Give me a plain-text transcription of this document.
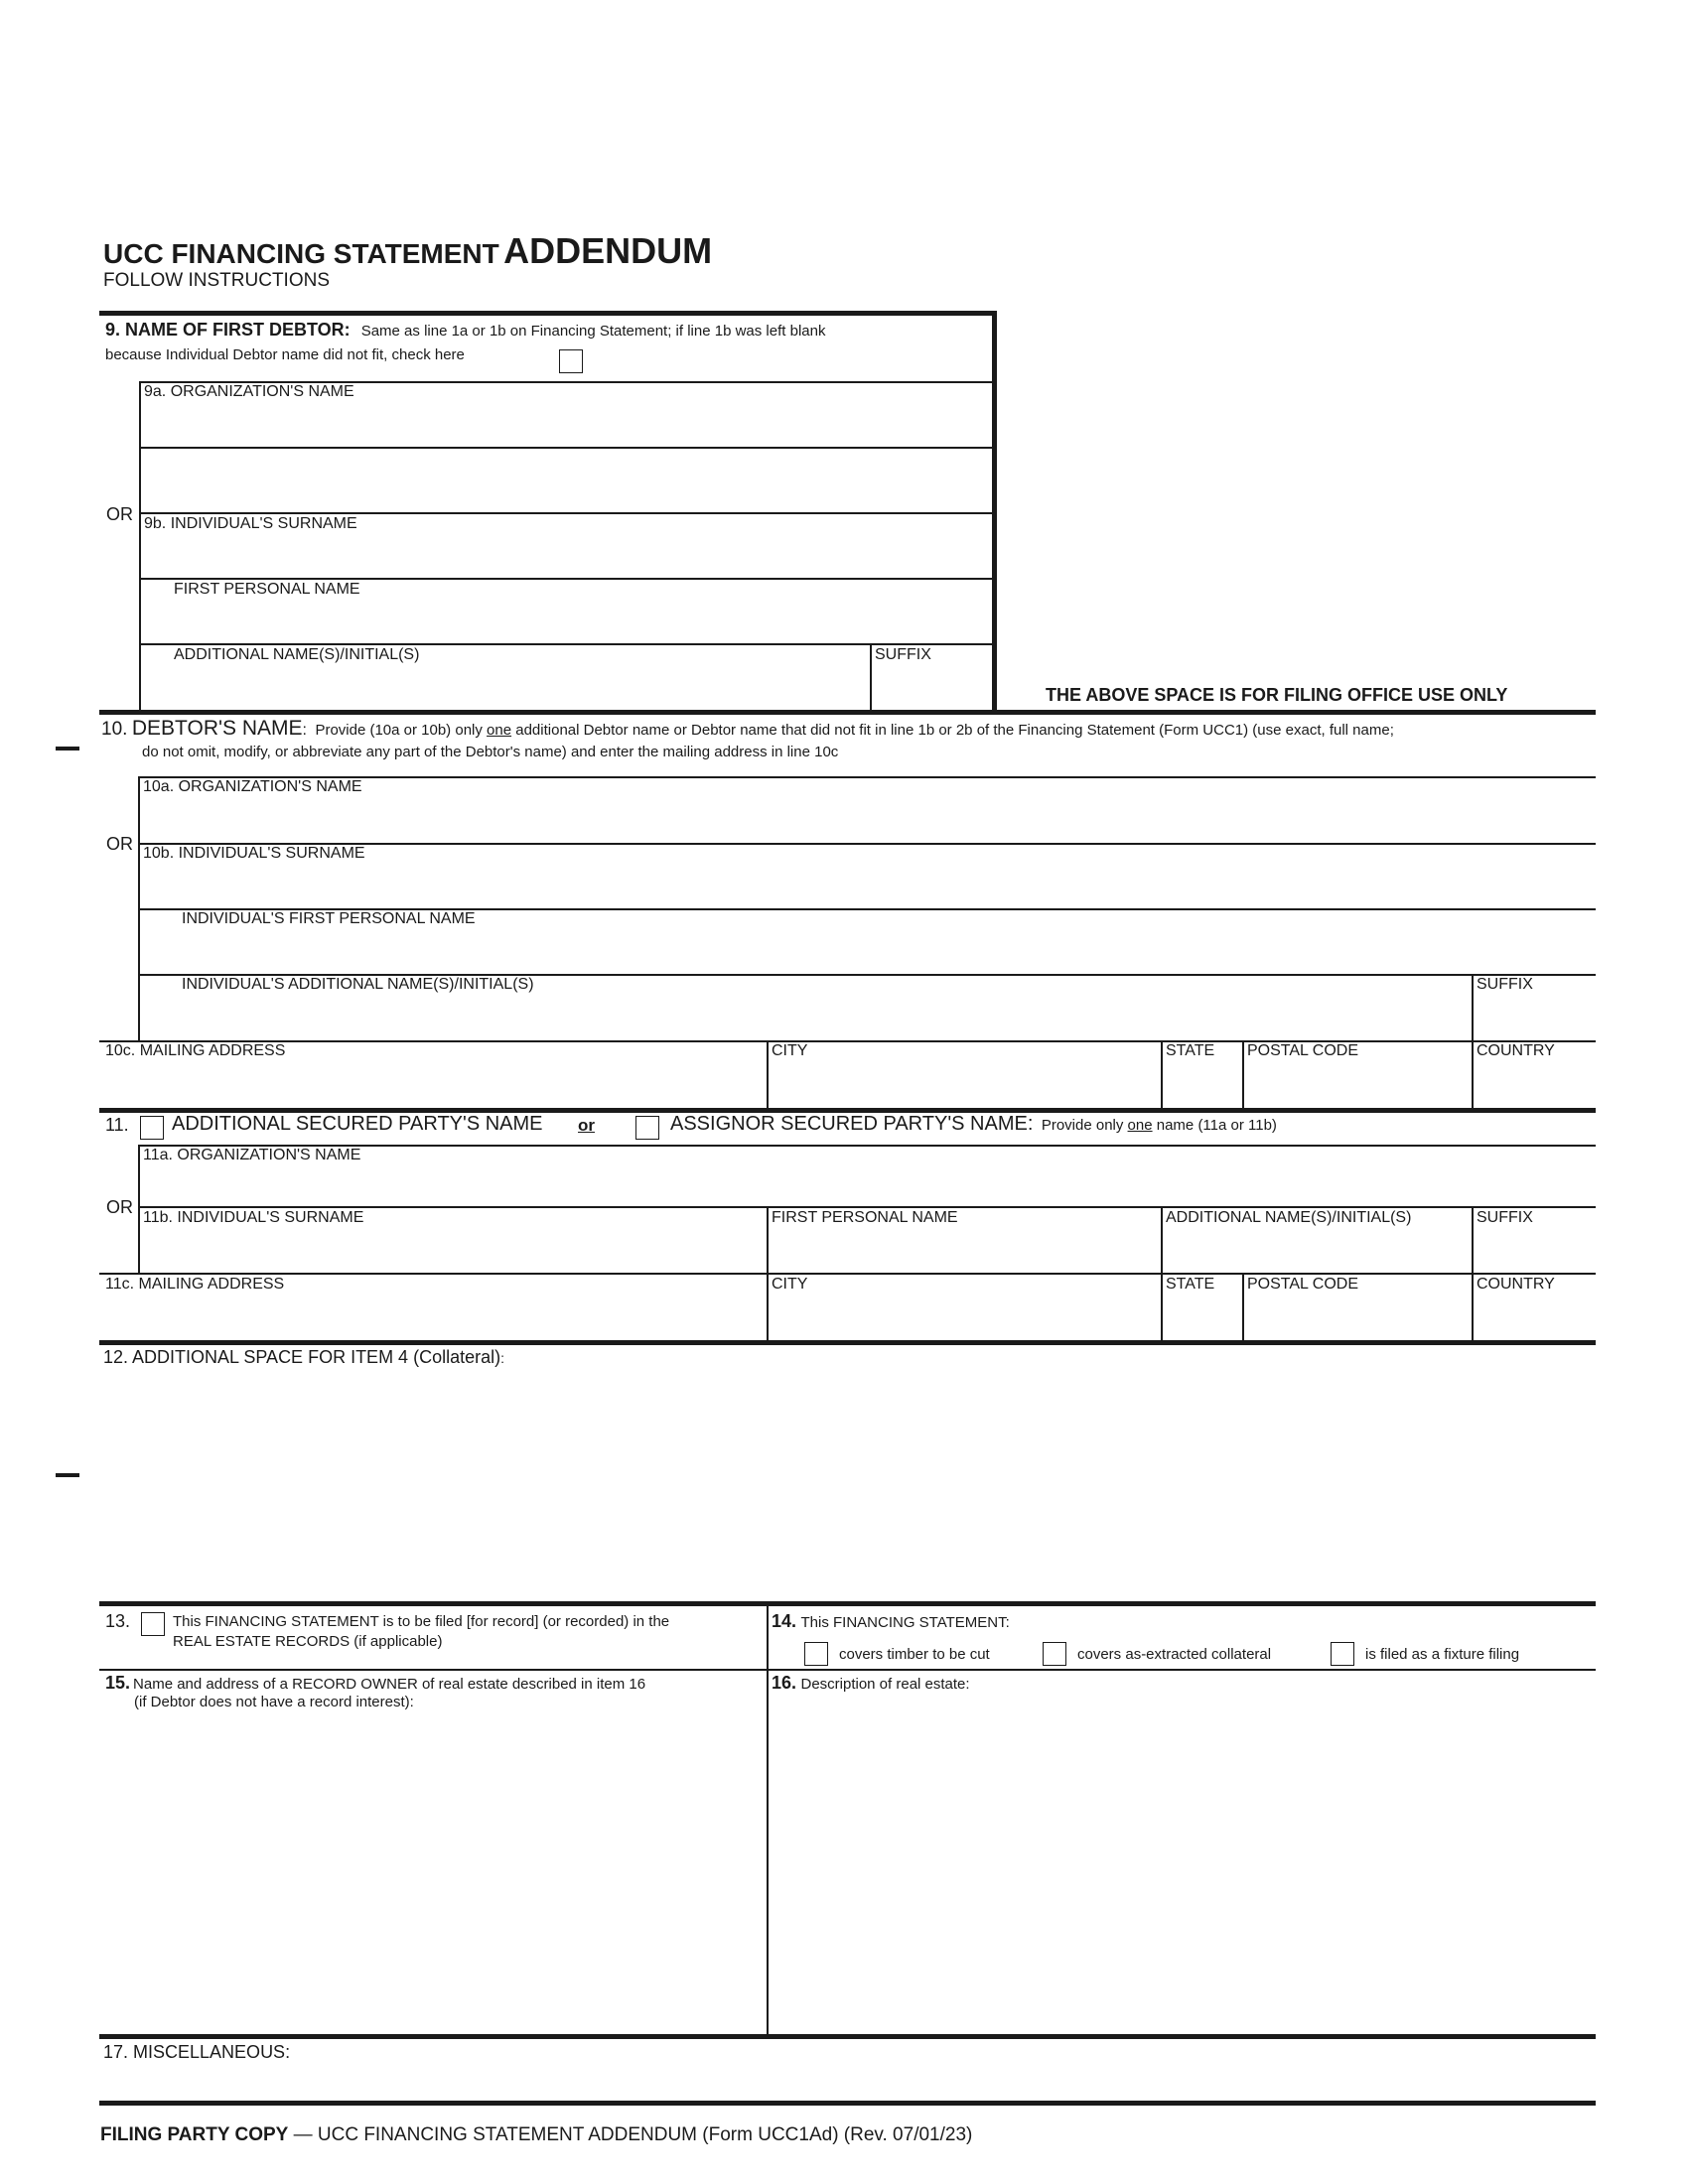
UCC FINANCING STATEMENT ADDENDUM
FOLLOW INSTRUCTIONS
9. NAME OF FIRST DEBTOR: Same as line 1a or 1b on Financing Statement; if line 1b was left blank
because Individual Debtor name did not fit, check here
9a. ORGANIZATION'S NAME
OR 9b. INDIVIDUAL'S SURNAME
FIRST PERSONAL NAME
ADDITIONAL NAME(S)/INITIAL(S)	SUFFIX
THE ABOVE SPACE IS FOR FILING OFFICE USE ONLY
10. DEBTOR'S NAME: Provide (10a or 10b) only one additional Debtor name or Debtor name that did not fit in line 1b or 2b of the Financing Statement (Form UCC1) (use exact, full name;
do not omit, modify, or abbreviate any part of the Debtor's name) and enter the mailing address in line 10c
10a. ORGANIZATION'S NAME
OR 10b. INDIVIDUAL'S SURNAME
INDIVIDUAL'S FIRST PERSONAL NAME
INDIVIDUAL'S ADDITIONAL NAME(S)/INITIAL(S)	SUFFIX
10c. MAILING ADDRESS	CITY	STATE POSTAL CODE	COUNTRY
11. ADDITIONAL SECURED PARTY'S NAME or	ASSIGNOR SECURED PARTY'S NAME: Provide only one name (11a or 11b)
11a. ORGANIZATION'S NAME
OR
11b. INDIVIDUAL'S SURNAME	FIRST PERSONAL NAME	ADDITIONAL NAME(S)/INITIAL(S)	SUFFIX
11c. MAILING ADDRESS	CITY	STATE POSTAL CODE	COUNTRY
12. ADDITIONAL SPACE FOR ITEM 4 (Collateral):
13.	This FINANCING STATEMENT is to be filed [for record] (or recorded) in the
REAL ESTATE RECORDS (if applicable)
14. This FINANCING STATEMENT:
covers timber to be cut	covers as-extracted collateral	is filed as a fixture filing
15. Name and address of a RECORD OWNER of real estate described in item 16
(if Debtor does not have a record interest):
16. Description of real estate:
17. MISCELLANEOUS:
FILING PARTY COPY — UCC FINANCING STATEMENT ADDENDUM (Form UCC1Ad) (Rev. 07/01/23)
